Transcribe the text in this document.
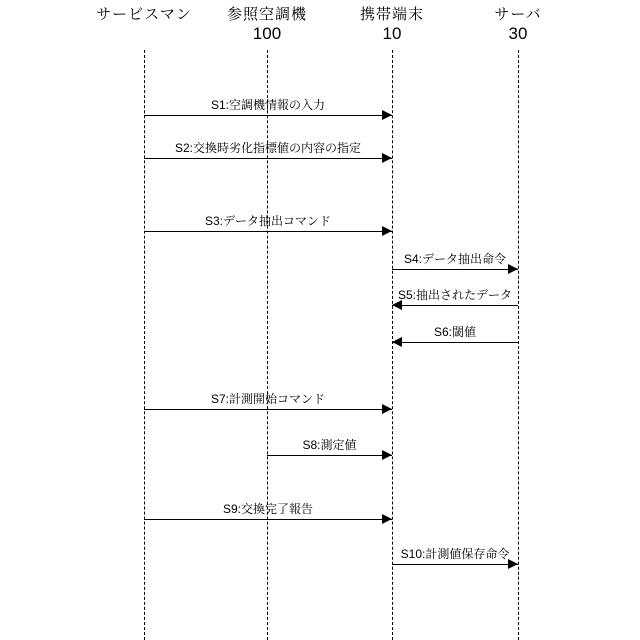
サービスマン 参照空調機
100
携帯端末
10
サーバ
30
S1:空調機情報の入力
S2:交換時劣化指標値の内容の指定
S3:データ抽出コマンド
S4:データ抽出命令
S5:抽出されたデータ
S6:閾値
S7:計測開始コマンド
S8:測定値
S9:交換完了報告
S10:計測値保存命令
